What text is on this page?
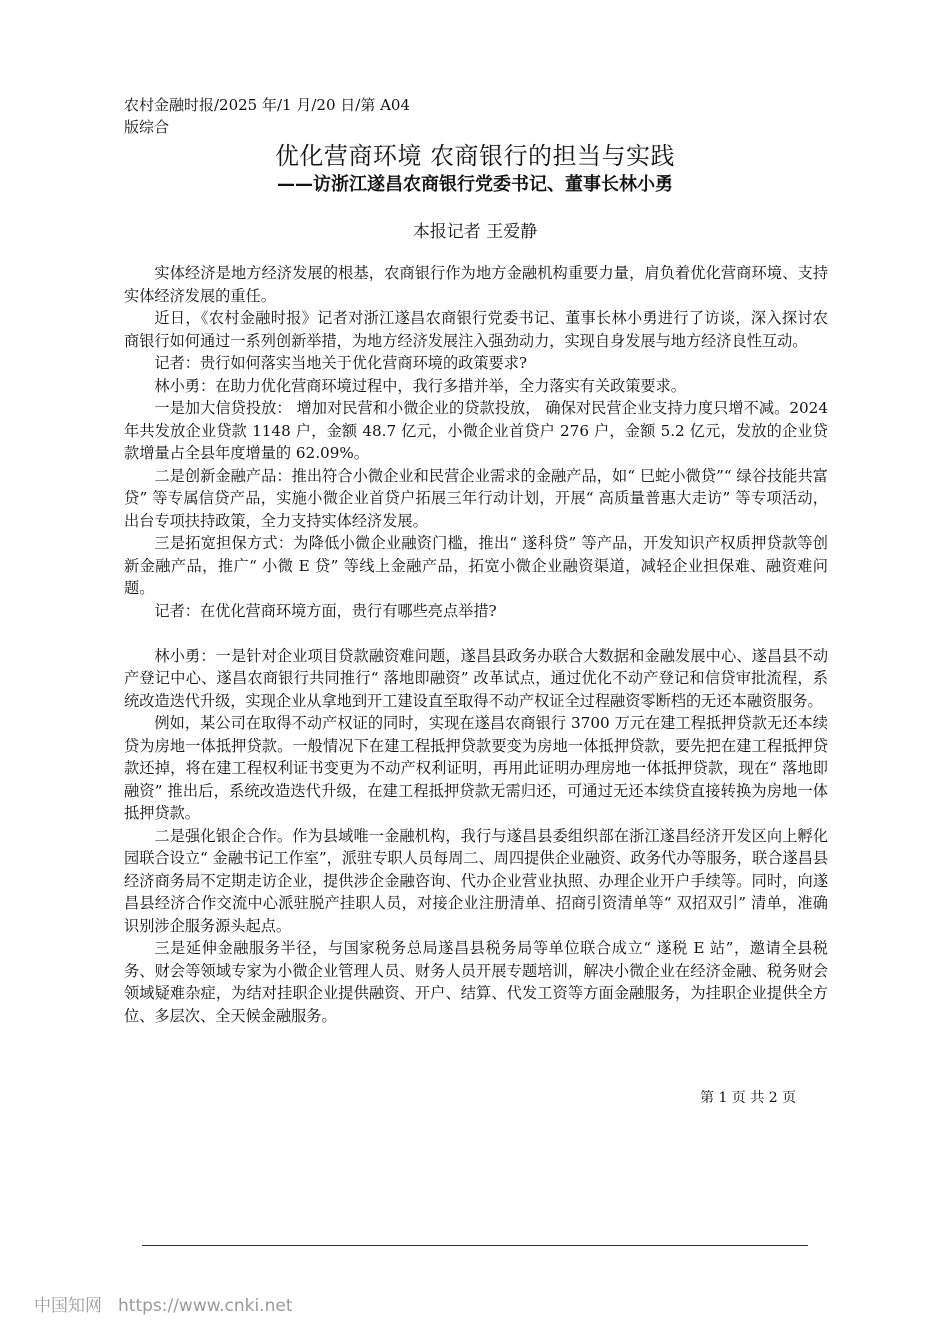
农村金融时报/2025 年/1 月/20 日/第 A04
版综合
优化营商环境 农商银行的担当与实践
——访浙江遂昌农商银行党委书记、董事长林小勇
本报记者 王爱静

实体经济是地方经济发展的根基，农商银行作为地方金融机构重要力量，肩负着优化营商环境、支持实体经济发展的重任。

近日，《农村金融时报》记者对浙江遂昌农商银行党委书记、董事长林小勇进行了访谈，深入探讨农商银行如何通过一系列创新举措，为地方经济发展注入强劲动力，实现自身发展与地方经济良性互动。

记者：贵行如何落实当地关于优化营商环境的政策要求?

林小勇：在助力优化营商环境过程中，我行多措并举，全力落实有关政策要求。

一是加大信贷投放： 增加对民营和小微企业的贷款投放， 确保对民营企业支持力度只增不减。2024 年共发放企业贷款 1148 户，金额 48.7 亿元，小微企业首贷户 276 户，金额 5.2 亿元，发放的企业贷款增量占全县年度增量的 62.09%。

二是创新金融产品：推出符合小微企业和民营企业需求的金融产品，如“ 巳蛇小微贷”“ 绿谷技能共富贷” 等专属信贷产品，实施小微企业首贷户拓展三年行动计划，开展“ 高质量普惠大走访” 等专项活动，出台专项扶持政策，全力支持实体经济发展。

三是拓宽担保方式：为降低小微企业融资门槛，推出“ 遂科贷” 等产品，开发知识产权质押贷款等创新金融产品，推广“ 小微 E 贷” 等线上金融产品，拓宽小微企业融资渠道，减轻企业担保难、融资难问题。

记者：在优化营商环境方面，贵行有哪些亮点举措?

林小勇：一是针对企业项目贷款融资难问题，遂昌县政务办联合大数据和金融发展中心、遂昌县不动产登记中心、遂昌农商银行共同推行“ 落地即融资” 改革试点，通过优化不动产登记和信贷审批流程，系统改造迭代升级，实现企业从拿地到开工建设直至取得不动产权证全过程融资零断档的无还本融资服务。

例如，某公司在取得不动产权证的同时，实现在遂昌农商银行 3700 万元在建工程抵押贷款无还本续贷为房地一体抵押贷款。一般情况下在建工程抵押贷款要变为房地一体抵押贷款，要先把在建工程抵押贷款还掉，将在建工程权利证书变更为不动产权利证明，再用此证明办理房地一体抵押贷款，现在“ 落地即融资” 推出后，系统改造迭代升级，在建工程抵押贷款无需归还，可通过无还本续贷直接转换为房地一体抵押贷款。

二是强化银企合作。作为县域唯一金融机构，我行与遂昌县委组织部在浙江遂昌经济开发区向上孵化园联合设立“ 金融书记工作室”，派驻专职人员每周二、周四提供企业融资、政务代办等服务，联合遂昌县经济商务局不定期走访企业，提供涉企金融咨询、代办企业营业执照、办理企业开户手续等。同时，向遂昌县经济合作交流中心派驻脱产挂职人员，对接企业注册清单、招商引资清单等“ 双招双引” 清单，准确识别涉企服务源头起点。

三是延伸金融服务半径，与国家税务总局遂昌县税务局等单位联合成立“ 遂税 E 站”，邀请全县税务、财会等领域专家为小微企业管理人员、财务人员开展专题培训，解决小微企业在经济金融、税务财会领域疑难杂症，为结对挂职企业提供融资、开户、结算、代发工资等方面金融服务，为挂职企业提供全方位、多层次、全天候金融服务。

第 1 页 共 2 页
中国知网 https://www.cnki.net
